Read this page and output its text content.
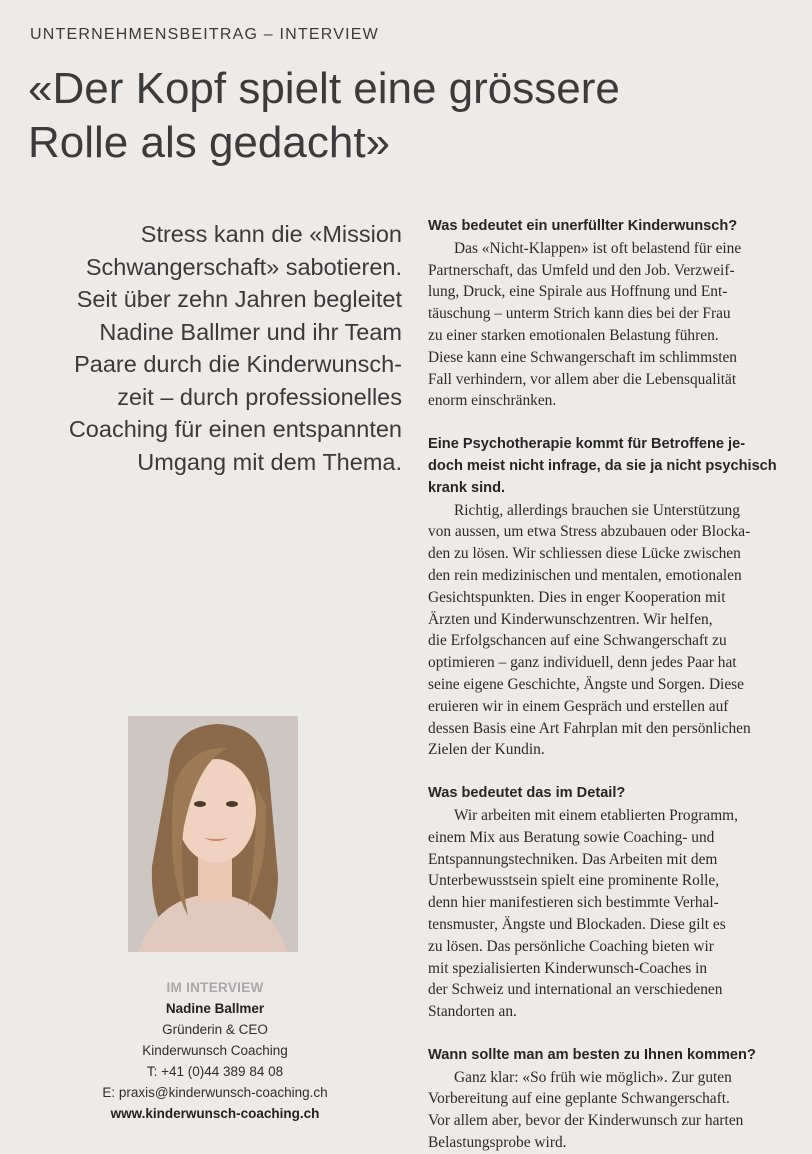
UNTERNEHMENSBEITRAG – INTERVIEW
«Der Kopf spielt eine grössere
Rolle als gedacht»
Stress kann die «Mission
Schwangerschaft» sabotieren.
Seit über zehn Jahren begleitet
Nadine Ballmer und ihr Team
Paare durch die Kinderwunsch-
zeit – durch professionelles
Coaching für einen entspannten
Umgang mit dem Thema.
IM INTERVIEW
Nadine Ballmer
Gründerin & CEO
Kinderwunsch Coaching
T: +41 (0)44 389 84 08
E: praxis@kinderwunsch-coaching.ch
www.kinderwunsch-coaching.ch
Was bedeutet ein unerfüllter Kinderwunsch?
Das «Nicht-Klappen» ist oft belastend für eine
Partnerschaft, das Umfeld und den Job. Verzweif-
lung, Druck, eine Spirale aus Hoffnung und Ent-
täuschung – unterm Strich kann dies bei der Frau
zu einer starken emotionalen Belastung führen.
Diese kann eine Schwangerschaft im schlimmsten
Fall verhindern, vor allem aber die Lebensqualität
enorm einschränken.
Eine Psychotherapie kommt für Betroffene je-
doch meist nicht infrage, da sie ja nicht psychisch
krank sind.
Richtig, allerdings brauchen sie Unterstützung
von aussen, um etwa Stress abzubauen oder Blocka-
den zu lösen. Wir schliessen diese Lücke zwischen
den rein medizinischen und mentalen, emotionalen
Gesichtspunkten. Dies in enger Kooperation mit
Ärzten und Kinderwunschzentren. Wir helfen,
die Erfolgschancen auf eine Schwangerschaft zu
optimieren – ganz individuell, denn jedes Paar hat
seine eigene Geschichte, Ängste und Sorgen. Diese
eruieren wir in einem Gespräch und erstellen auf
dessen Basis eine Art Fahrplan mit den persönlichen
Zielen der Kundin.
Was bedeutet das im Detail?
Wir arbeiten mit einem etablierten Programm,
einem Mix aus Beratung sowie Coaching- und
Entspannungstechniken. Das Arbeiten mit dem
Unterbewusstsein spielt eine prominente Rolle,
denn hier manifestieren sich bestimmte Verhal-
tensmuster, Ängste und Blockaden. Diese gilt es
zu lösen. Das persönliche Coaching bieten wir
mit spezialisierten Kinderwunsch-Coaches in
der Schweiz und international an verschiedenen
Standorten an.
Wann sollte man am besten zu Ihnen kommen?
Ganz klar: «So früh wie möglich». Zur guten
Vorbereitung auf eine geplante Schwangerschaft.
Vor allem aber, bevor der Kinderwunsch zur harten
Belastungsprobe wird.
